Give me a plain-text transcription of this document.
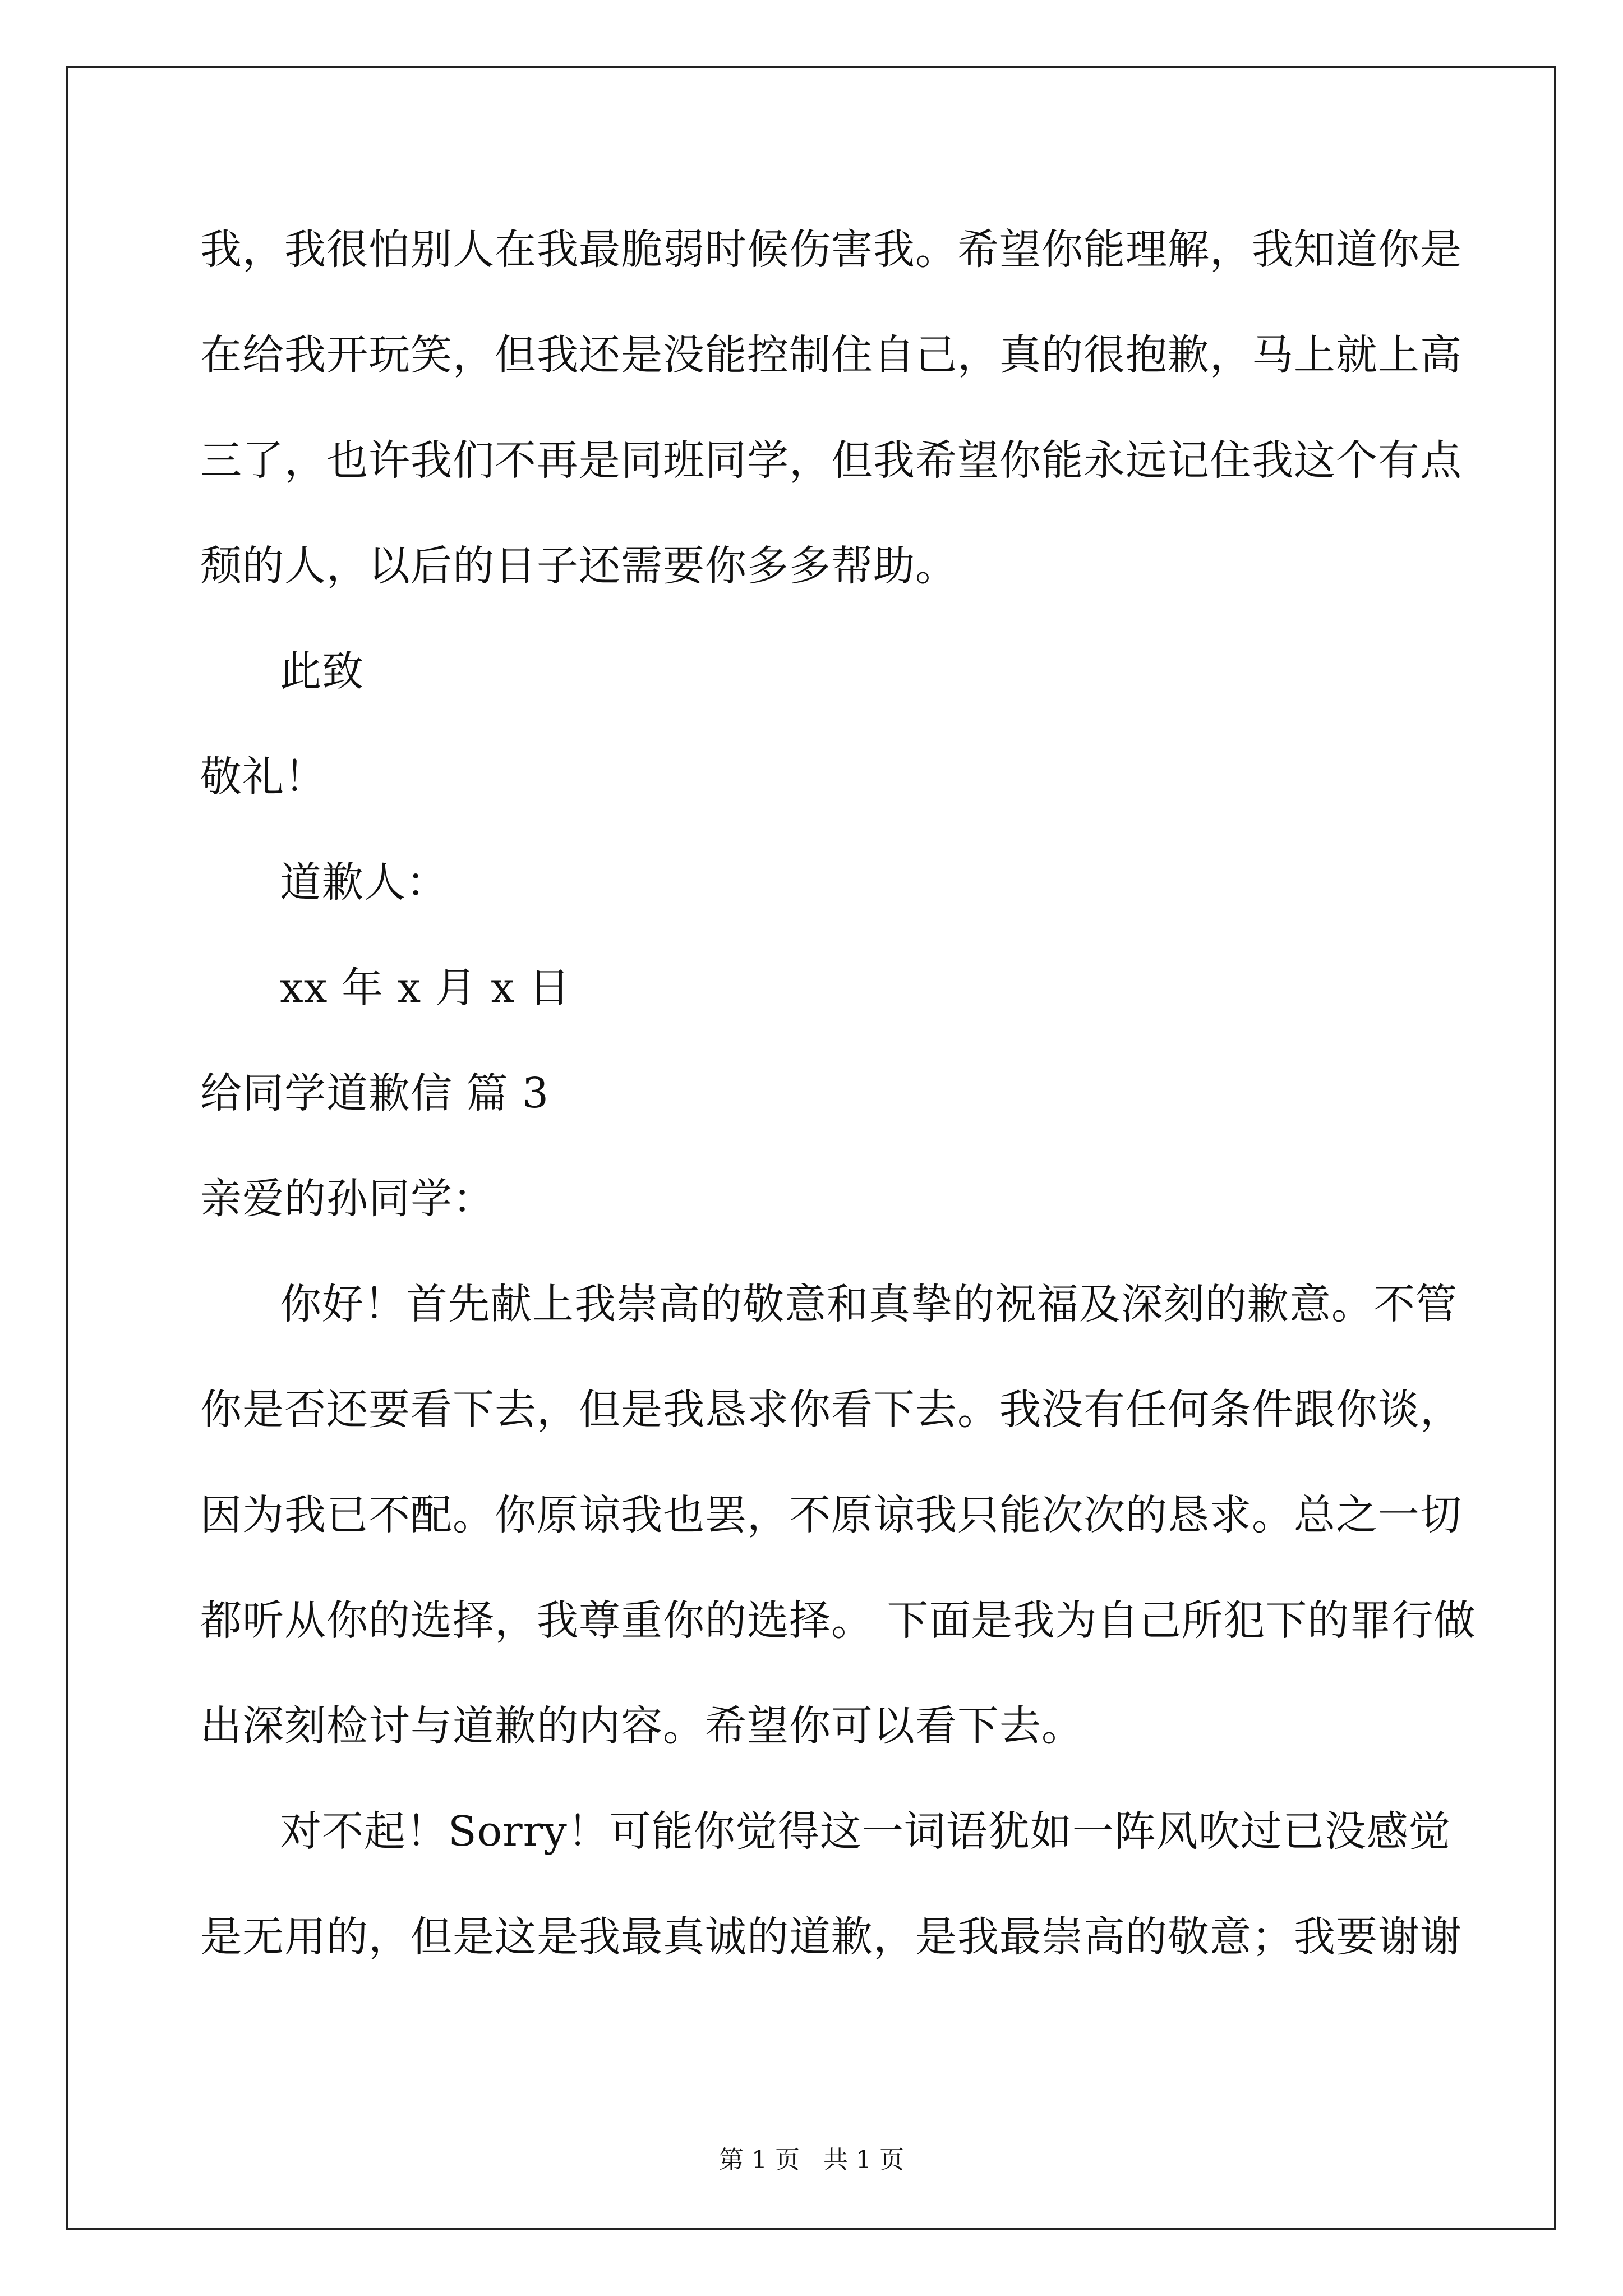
我，我很怕别人在我最脆弱时候伤害我。希望你能理解，我知道你是
在给我开玩笑，但我还是没能控制住自己，真的很抱歉，马上就上高
三了，也许我们不再是同班同学，但我希望你能永远记住我这个有点
颓的人，以后的日子还需要你多多帮助。
此致
敬礼！
道歉人：
xx 年 x 月 x 日
给同学道歉信 篇 3
亲爱的孙同学：
你好！首先献上我崇高的敬意和真挚的祝福及深刻的歉意。不管
你是否还要看下去，但是我恳求你看下去。我没有任何条件跟你谈，
因为我已不配。你原谅我也罢，不原谅我只能次次的恳求。总之一切
都听从你的选择，我尊重你的选择。 下面是我为自己所犯下的罪行做
出深刻检讨与道歉的内容。希望你可以看下去。
对不起！Sorry！可能你觉得这一词语犹如一阵风吹过已没感觉
是无用的，但是这是我最真诚的道歉，是我最崇高的敬意；我要谢谢
第 1 页 共 1 页
